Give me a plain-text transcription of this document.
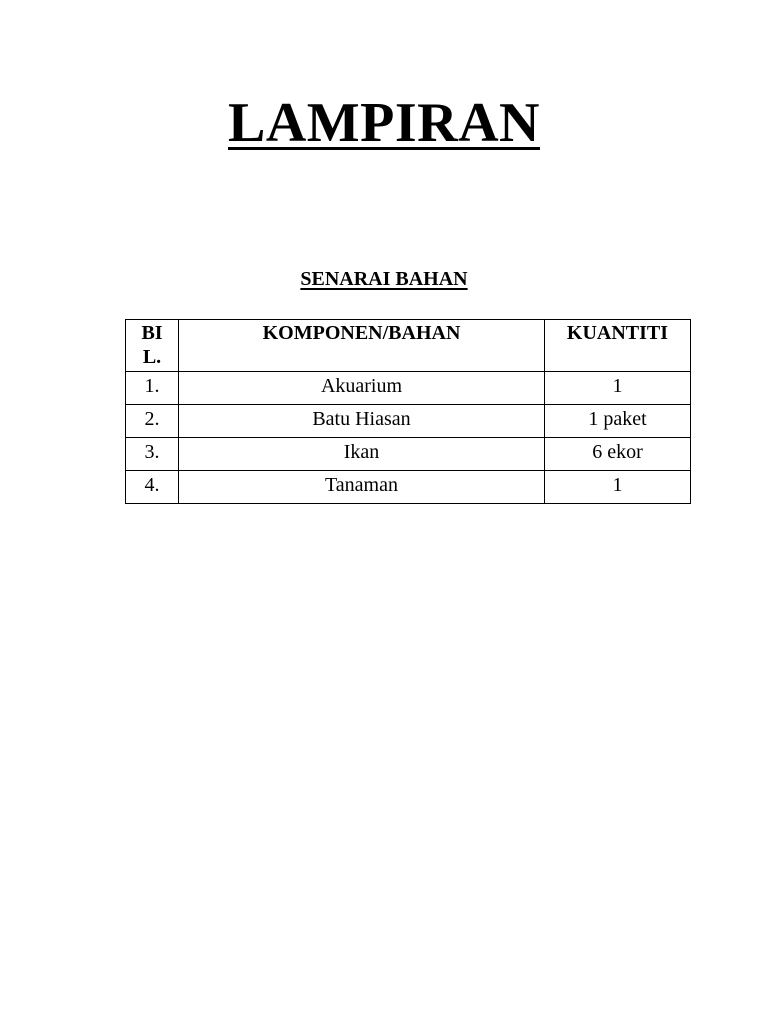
LAMPIRAN
SENARAI BAHAN
BIL.	KOMPONEN/BAHAN	KUANTITI
1.	Akuarium	1
2.	Batu Hiasan	1 paket
3.	Ikan	6 ekor
4.	Tanaman	1
